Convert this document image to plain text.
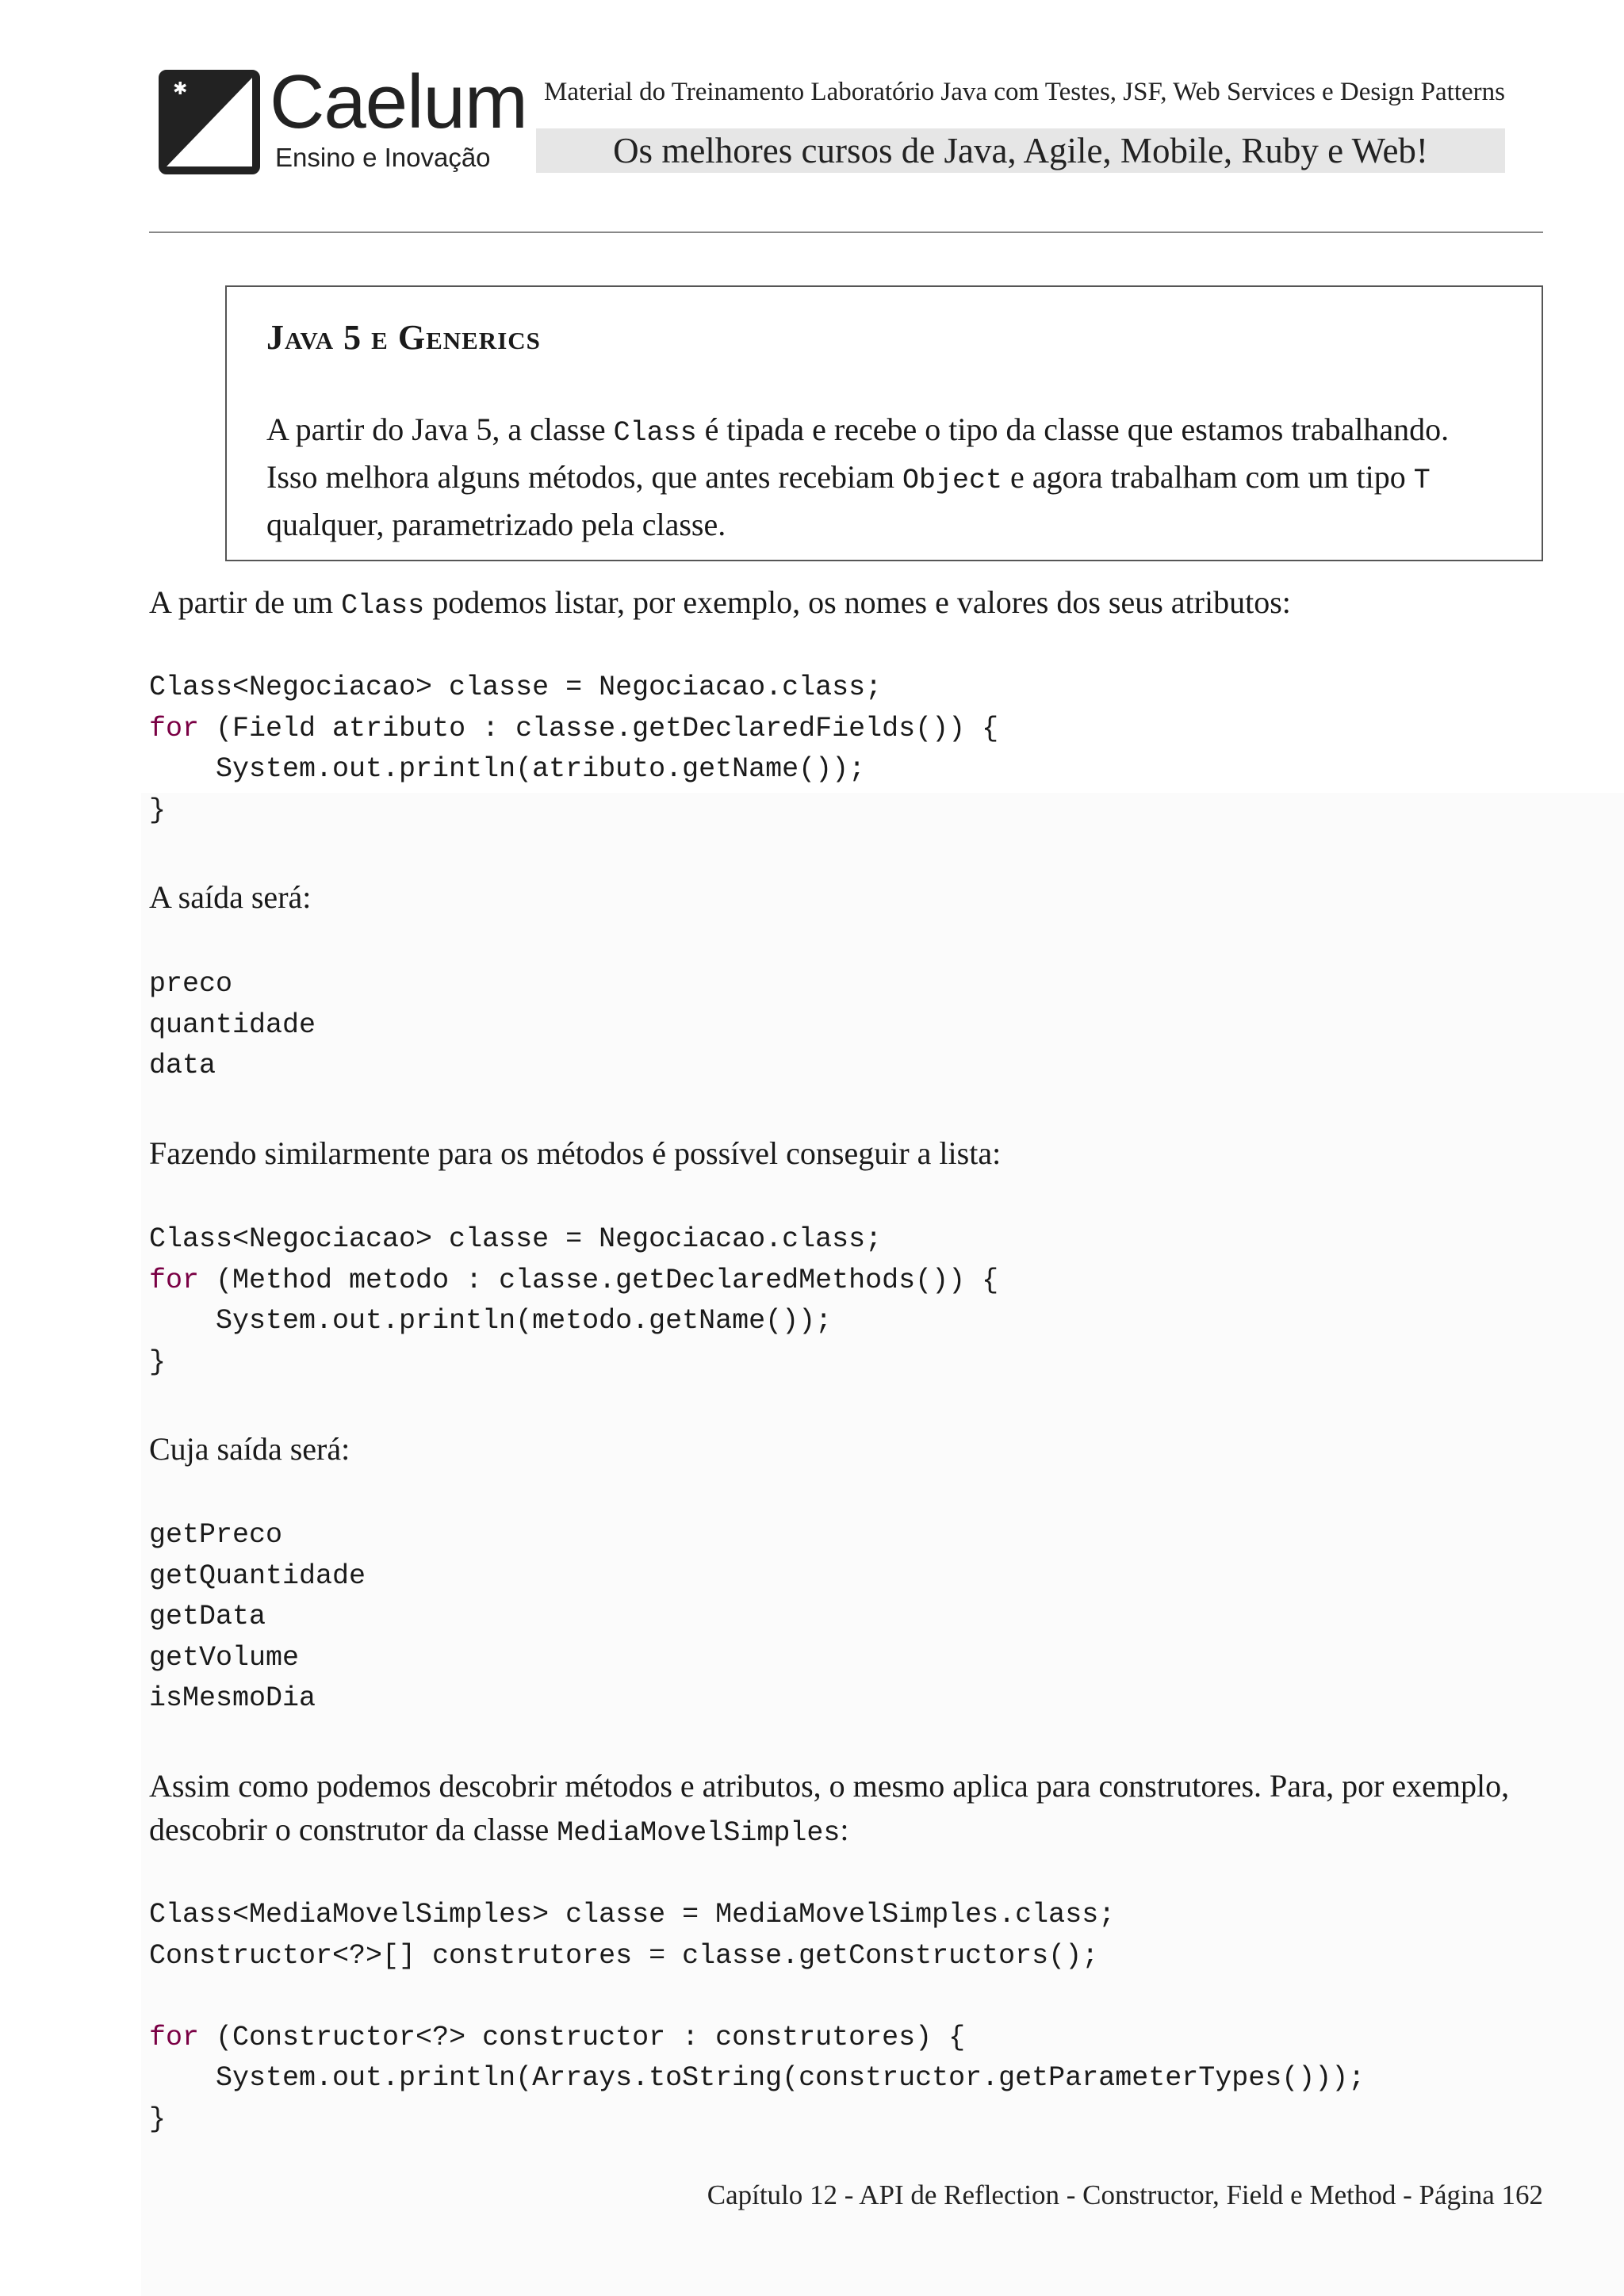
✱ Caelum
Ensino e Inovação
Material do Treinamento Laboratório Java com Testes, JSF, Web Services e Design Patterns
Os melhores cursos de Java, Agile, Mobile, Ruby e Web!
Java 5 e Generics
A partir do Java 5, a classe Class é tipada e recebe o tipo da classe que estamos trabalhando. Isso melhora alguns métodos, que antes recebiam Object e agora trabalham com um tipo T qualquer, parametrizado pela classe.
A partir de um Class podemos listar, por exemplo, os nomes e valores dos seus atributos:
Class<Negociacao> classe = Negociacao.class;
for (Field atributo : classe.getDeclaredFields()) {
System.out.println(atributo.getName());
}
A saída será:
preco
quantidade
data
Fazendo similarmente para os métodos é possível conseguir a lista:
Class<Negociacao> classe = Negociacao.class;
for (Method metodo : classe.getDeclaredMethods()) {
System.out.println(metodo.getName());
}
Cuja saída será:
getPreco
getQuantidade
getData
getVolume
isMesmoDia
Assim como podemos descobrir métodos e atributos, o mesmo aplica para construtores. Para, por exemplo, descobrir o construtor da classe MediaMovelSimples:
Class<MediaMovelSimples> classe = MediaMovelSimples.class;
Constructor<?>[] construtores = classe.getConstructors();
for (Constructor<?> constructor : construtores) {
System.out.println(Arrays.toString(constructor.getParameterTypes()));
}
Capítulo 12 - API de Reflection - Constructor, Field e Method - Página 162
